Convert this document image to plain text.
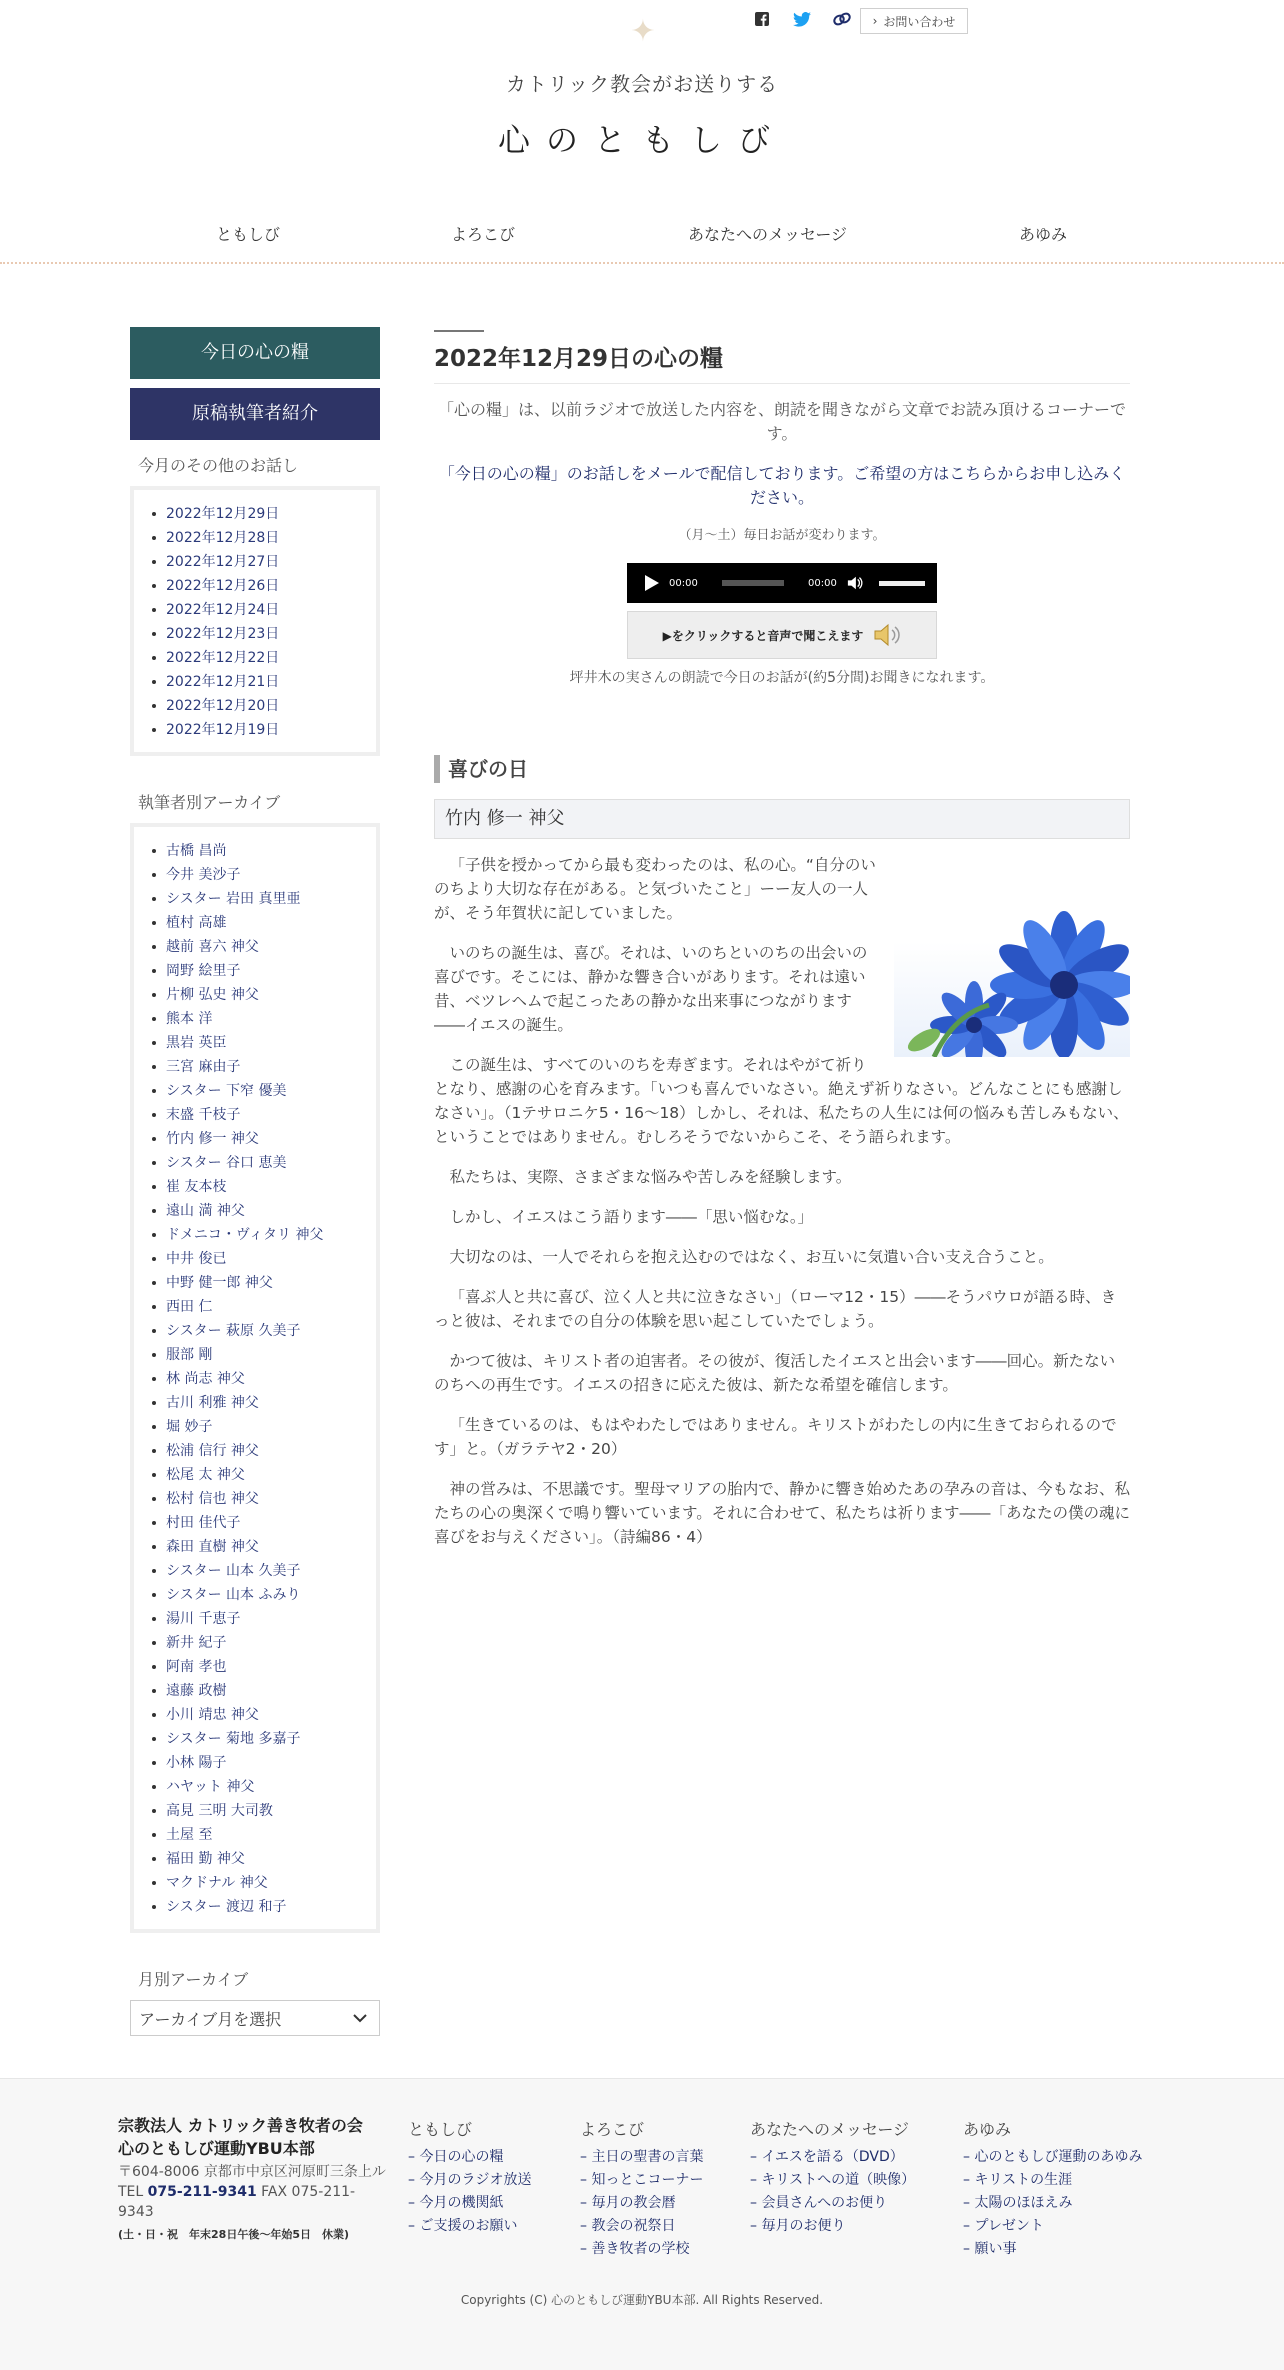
✦	› お問い合わせ
カトリック教会がお送りする
心のともしび
ともしび	よろこび	あなたへのメッセージ	あゆみ
今日の心の糧
原稿執筆者紹介
今月のその他のお話し
2022年12月29日
2022年12月28日
2022年12月27日
2022年12月26日
2022年12月24日
2022年12月23日
2022年12月22日
2022年12月21日
2022年12月20日
2022年12月19日
執筆者別アーカイブ
古橋 昌尚
今井 美沙子
シスター 岩田 真里亜
植村 高雄
越前 喜六 神父
岡野 絵里子
片柳 弘史 神父
熊本 洋
黒岩 英臣
三宮 麻由子
シスター 下窄 優美
末盛 千枝子
竹内 修一 神父
シスター 谷口 恵美
崔 友本枝
遠山 満 神父
ドメニコ・ヴィタリ 神父
中井 俊已
中野 健一郎 神父
西田 仁
シスター 萩原 久美子
服部 剛
林 尚志 神父
古川 利雅 神父
堀 妙子
松浦 信行 神父
松尾 太 神父
松村 信也 神父
村田 佳代子
森田 直樹 神父
シスター 山本 久美子
シスター 山本 ふみり
湯川 千恵子
新井 紀子
阿南 孝也
遠藤 政樹
小川 靖忠 神父
シスター 菊地 多嘉子
小林 陽子
ハヤット 神父
高見 三明 大司教
土屋 至
福田 勤 神父
マクドナル 神父
シスター 渡辺 和子
月別アーカイブ
アーカイブ月を選択
2022年12月29日の心の糧

「心の糧」は、以前ラジオで放送した内容を、朗読を聞きながら文章でお読み頂けるコーナーです。

「今日の心の糧」のお話しをメールで配信しております。ご希望の方はこちらからお申し込みください。

（月～土）毎日お話が変わります。

00:00	00:00
▶をクリックすると音声で聞こえます

坪井木の実さんの朗読で今日のお話が(約5分間)お聞きになれます。

喜びの日
竹内 修一 神父

「子供を授かってから最も変わったのは、私の心。“自分のいのちより大切な存在がある。と気づいたこと」ーー友人の一人が、そう年賀状に記していました。

いのちの誕生は、喜び。それは、いのちといのちの出会いの喜びです。そこには、静かな響き合いがあります。それは遠い昔、ベツレヘムで起こったあの静かな出来事につながります――イエスの誕生。

この誕生は、すべてのいのちを寿ぎます。それはやがて祈りとなり、感謝の心を育みます。「いつも喜んでいなさい。絶えず祈りなさい。どんなことにも感謝しなさい」。（1テサロニケ5・16～18）しかし、それは、私たちの人生には何の悩みも苦しみもない、ということではありません。むしろそうでないからこそ、そう語られます。

私たちは、実際、さまざまな悩みや苦しみを経験します。

しかし、イエスはこう語ります――「思い悩むな。」

大切なのは、一人でそれらを抱え込むのではなく、お互いに気遣い合い支え合うこと。

「喜ぶ人と共に喜び、泣く人と共に泣きなさい」（ローマ12・15）――そうパウロが語る時、きっと彼は、それまでの自分の体験を思い起こしていたでしょう。

かつて彼は、キリスト者の迫害者。その彼が、復活したイエスと出会います――回心。新たないのちへの再生です。イエスの招きに応えた彼は、新たな希望を確信します。

「生きているのは、もはやわたしではありません。キリストがわたしの内に生きておられるのです」と。（ガラテヤ2・20）

神の営みは、不思議です。聖母マリアの胎内で、静かに響き始めたあの孕みの音は、今もなお、私たちの心の奥深くで鳴り響いています。それに合わせて、私たちは祈ります――「あなたの僕の魂に喜びをお与えください」。（詩編86・4）

宗教法人 カトリック善き牧者の会
心のともしび運動YBU本部
〒604-8006 京都市中京区河原町三条上ル
TEL 075-211-9341 FAX 075-211-9343
(土・日・祝　年末28日午後〜年始5日　休業)
ともしび
– 今日の心の糧
– 今月のラジオ放送
– 今月の機関紙
– ご支援のお願い
よろこび
– 主日の聖書の言葉
– 知っとこコーナー
– 毎月の教会暦
– 教会の祝祭日
– 善き牧者の学校
あなたへのメッセージ
– イエスを語る（DVD）
– キリストへの道（映像）
– 会員さんへのお便り
– 毎月のお便り
あゆみ
– 心のともしび運動のあゆみ
– キリストの生涯
– 太陽のほほえみ
– プレゼント
– 願い事
Copyrights (C) 心のともしび運動YBU本部. All Rights Reserved.
